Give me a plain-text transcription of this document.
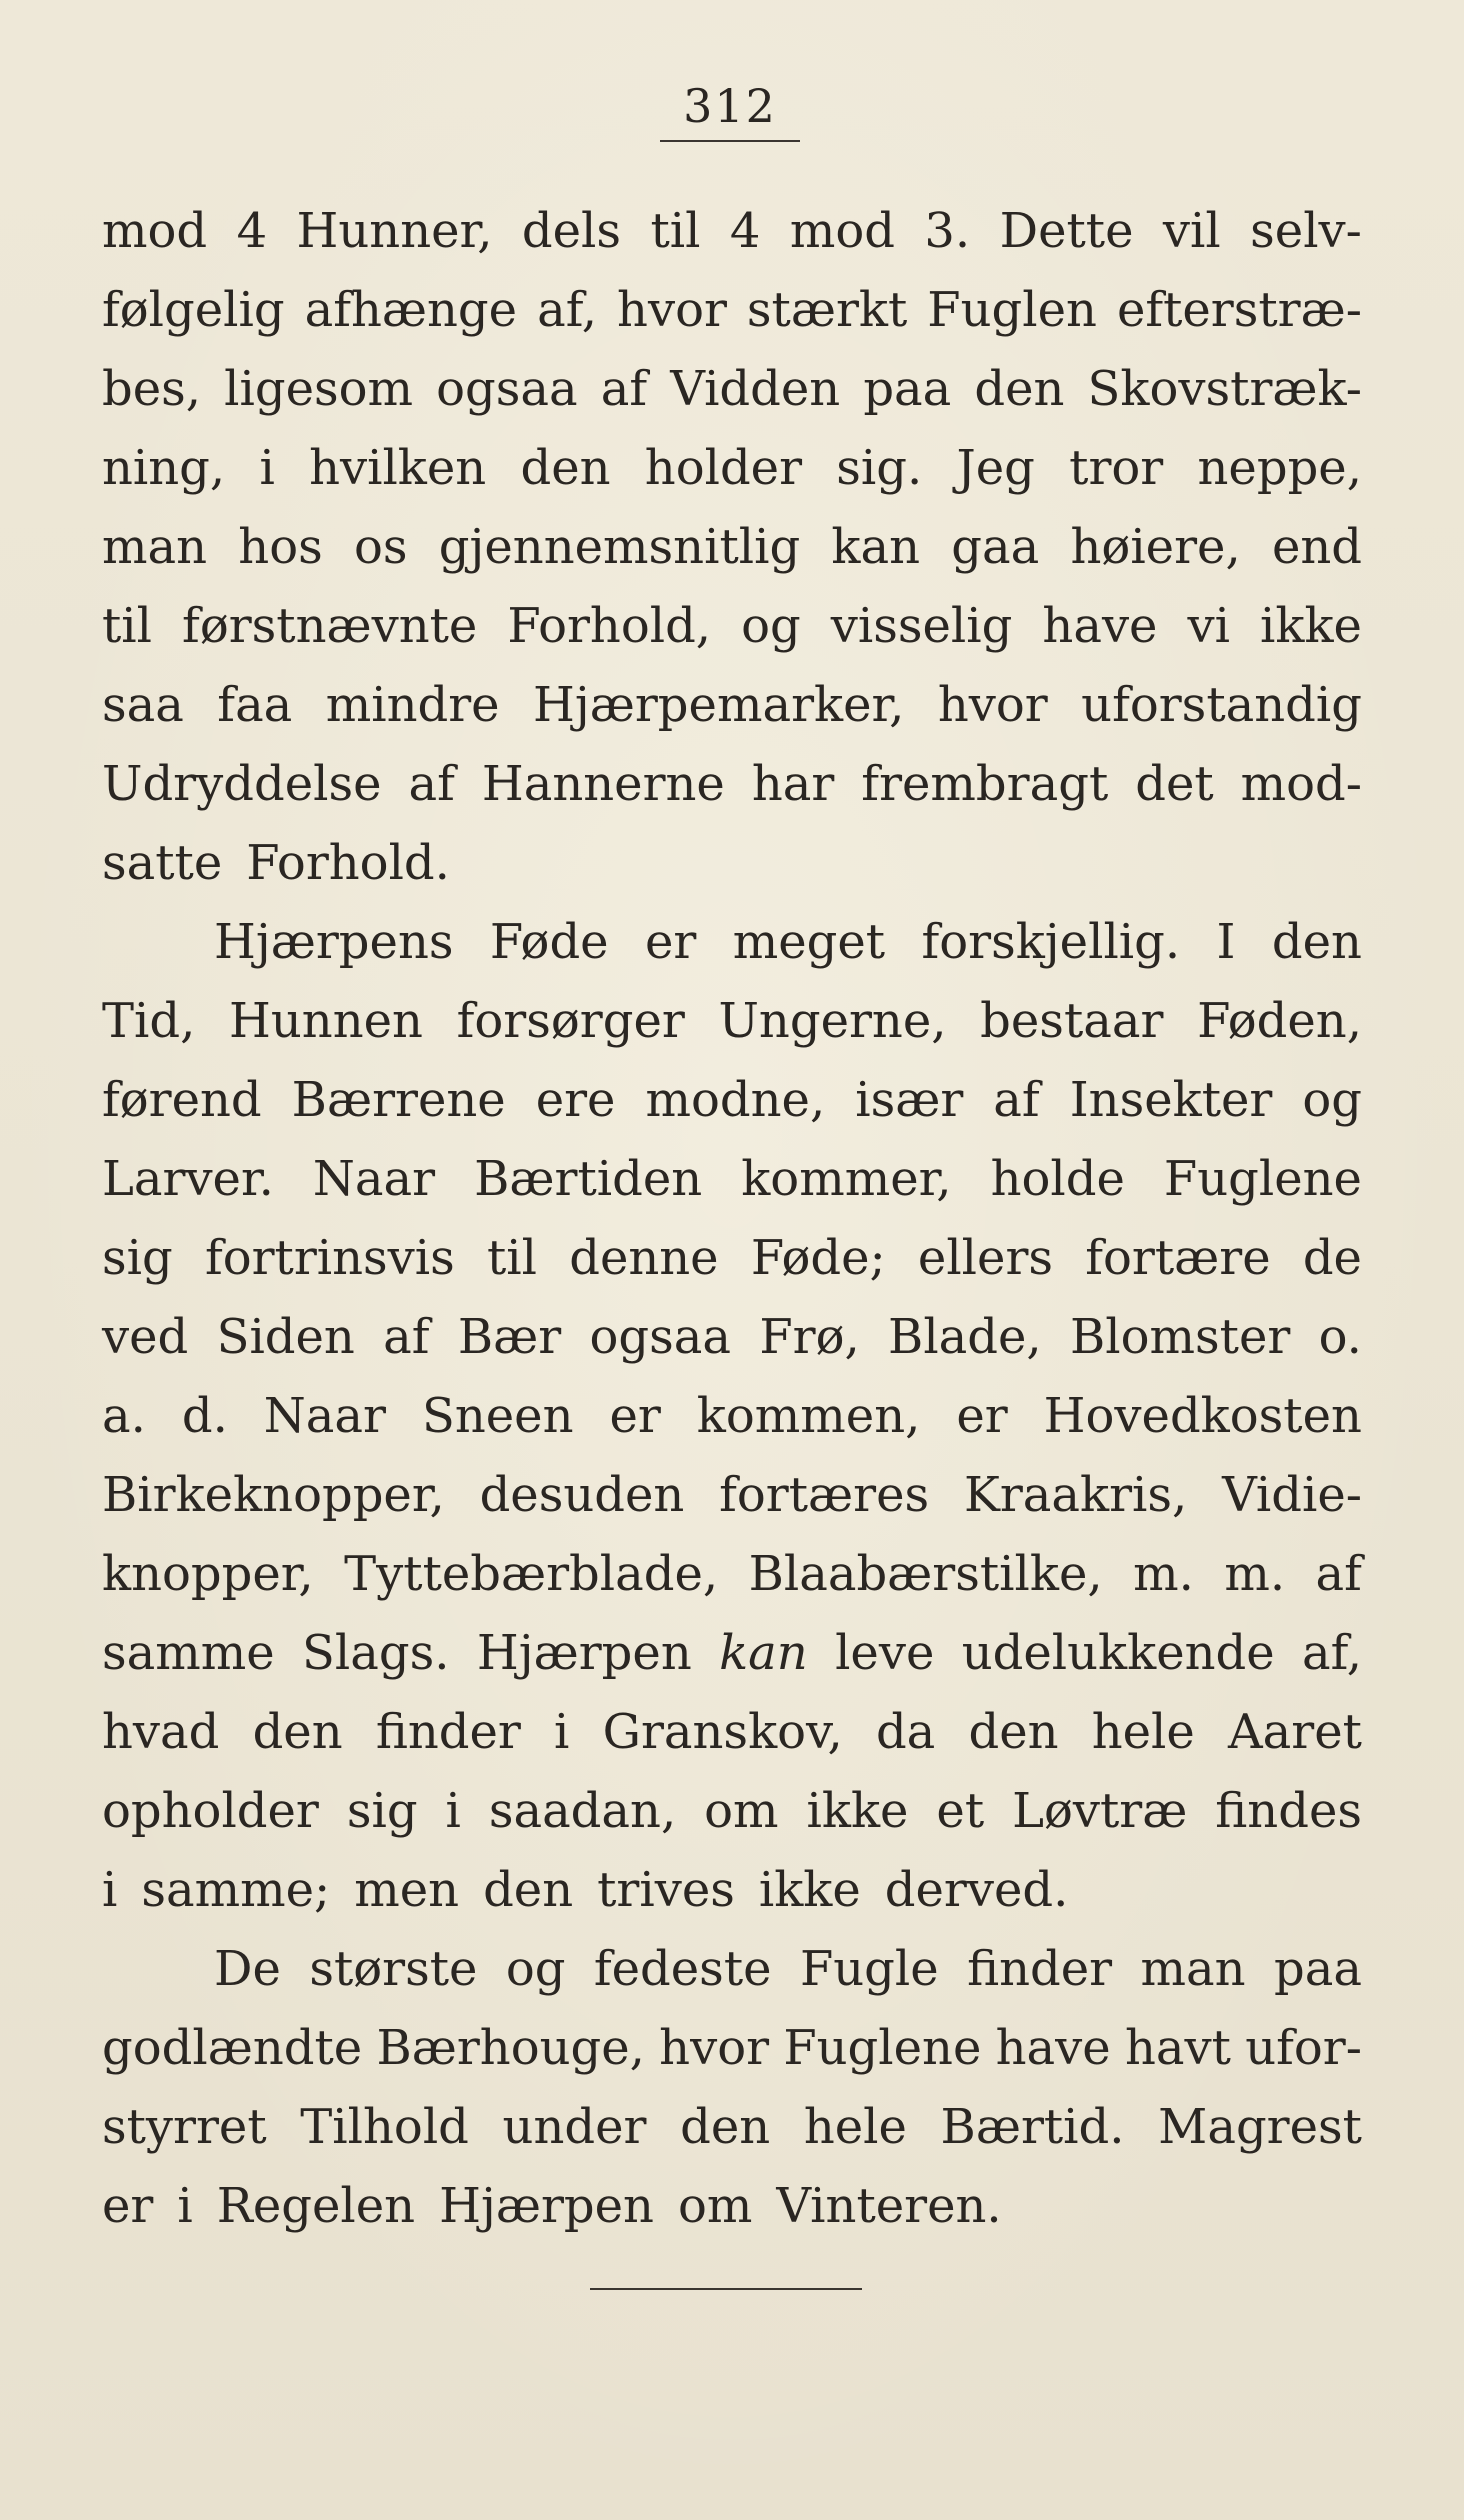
312
mod 4 Hunner, dels til 4 mod 3. Dette vil selv-
følgelig afhænge af, hvor stærkt Fuglen efterstræ-
bes, ligesom ogsaa af Vidden paa den Skovstræk-
ning, i hvilken den holder sig. Jeg tror neppe,
man hos os gjennemsnitlig kan gaa høiere, end
til førstnævnte Forhold, og visselig have vi ikke
saa faa mindre Hjærpemarker, hvor uforstandig
Udryddelse af Hannerne har frembragt det mod-
satte Forhold.
Hjærpens Føde er meget forskjellig. I den
Tid, Hunnen forsørger Ungerne, bestaar Føden,
førend Bærrene ere modne, især af Insekter og
Larver. Naar Bærtiden kommer, holde Fuglene
sig fortrinsvis til denne Føde; ellers fortære de
ved Siden af Bær ogsaa Frø, Blade, Blomster o.
a. d. Naar Sneen er kommen, er Hovedkosten
Birkeknopper, desuden fortæres Kraakris, Vidie-
knopper, Tyttebærblade, Blaabærstilke, m. m. af
samme Slags. Hjærpen kan leve udelukkende af,
hvad den finder i Granskov, da den hele Aaret
opholder sig i saadan, om ikke et Løvtræ findes
i samme; men den trives ikke derved.
De største og fedeste Fugle finder man paa
godlændte Bærhouge, hvor Fuglene have havt ufor-
styrret Tilhold under den hele Bærtid. Magrest
er i Regelen Hjærpen om Vinteren.
